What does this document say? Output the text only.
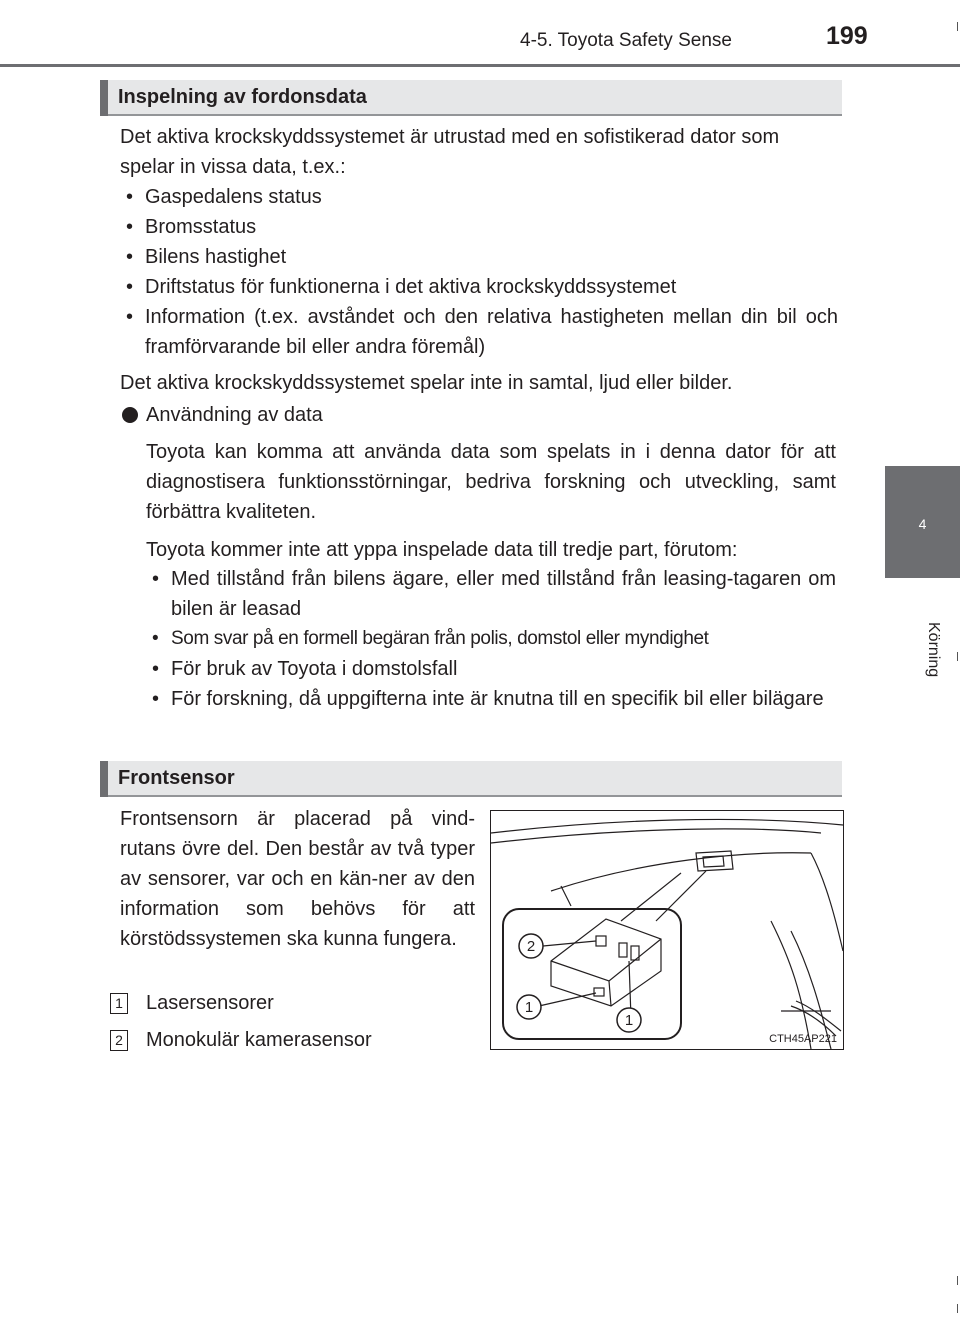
4-5. Toyota Safety Sense	199
4
Körning
Inspelning av fordonsdata
Det aktiva krockskyddssystemet är utrustad med en sofistikerad dator som spelar in vissa data, t.ex.:
• Gaspedalens status
• Bromsstatus
• Bilens hastighet
• Driftstatus för funktionerna i det aktiva krockskyddssystemet
• Information (t.ex. avståndet och den relativa hastigheten mellan din bil och framförvarande bil eller andra föremål)
Det aktiva krockskyddssystemet spelar inte in samtal, ljud eller bilder.
Användning av data
Toyota kan komma att använda data som spelats in i denna dator för att diagnostisera funktionsstörningar, bedriva forskning och utveckling, samt förbättra kvaliteten.
Toyota kommer inte att yppa inspelade data till tredje part, förutom:
• Med tillstånd från bilens ägare, eller med tillstånd från leasing-tagaren om bilen är leasad
• Som svar på en formell begäran från polis, domstol eller myndighet
• För bruk av Toyota i domstolsfall
• För forskning, då uppgifterna inte är knutna till en specifik bil eller bilägare
Frontsensor
Frontsensorn är placerad på vind-rutans övre del. Den består av två typer av sensorer, var och en kän-ner av den information som behövs för att körstödssystemen ska kunna fungera.
1 Lasersensorer
2 Monokulär kamerasensor
2
1
1
CTH45AP221
